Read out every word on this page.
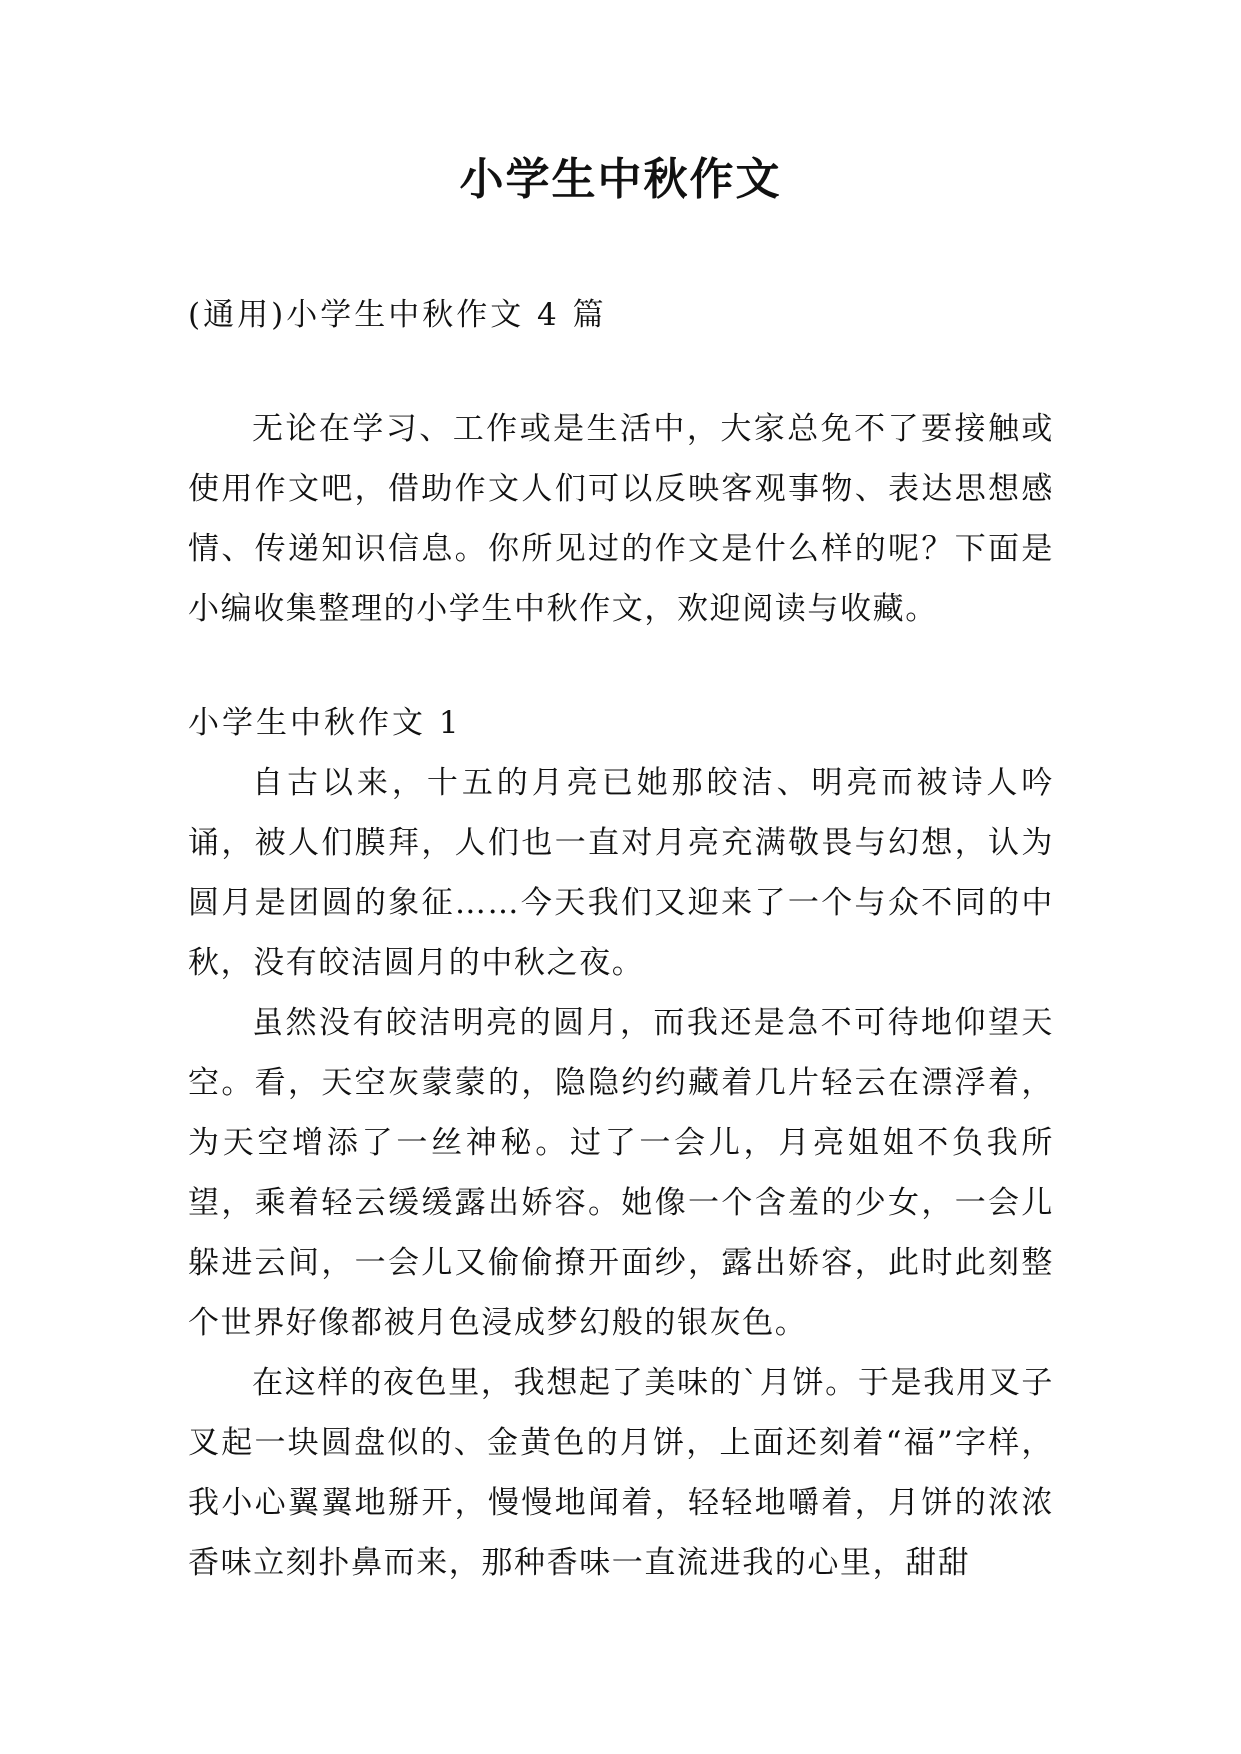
小学生中秋作文

(通用)小学生中秋作文 4 篇

无论在学习、工作或是生活中，大家总免不了要接触或使用作文吧，借助作文人们可以反映客观事物、表达思想感情、传递知识信息。你所见过的作文是什么样的呢？下面是小编收集整理的小学生中秋作文，欢迎阅读与收藏。

小学生中秋作文 1

自古以来，十五的月亮已她那皎洁、明亮而被诗人吟诵，被人们膜拜，人们也一直对月亮充满敬畏与幻想，认为圆月是团圆的象征……今天我们又迎来了一个与众不同的中秋，没有皎洁圆月的中秋之夜。

虽然没有皎洁明亮的圆月，而我还是急不可待地仰望天空。看，天空灰蒙蒙的，隐隐约约藏着几片轻云在漂浮着，为天空增添了一丝神秘。过了一会儿，月亮姐姐不负我所望，乘着轻云缓缓露出娇容。她像一个含羞的少女，一会儿躲进云间，一会儿又偷偷撩开面纱，露出娇容，此时此刻整个世界好像都被月色浸成梦幻般的银灰色。

在这样的夜色里，我想起了美味的`月饼。于是我用叉子叉起一块圆盘似的、金黄色的月饼，上面还刻着“福”字样，我小心翼翼地掰开，慢慢地闻着，轻轻地嚼着，月饼的浓浓香味立刻扑鼻而来，那种香味一直流进我的心里，甜甜
